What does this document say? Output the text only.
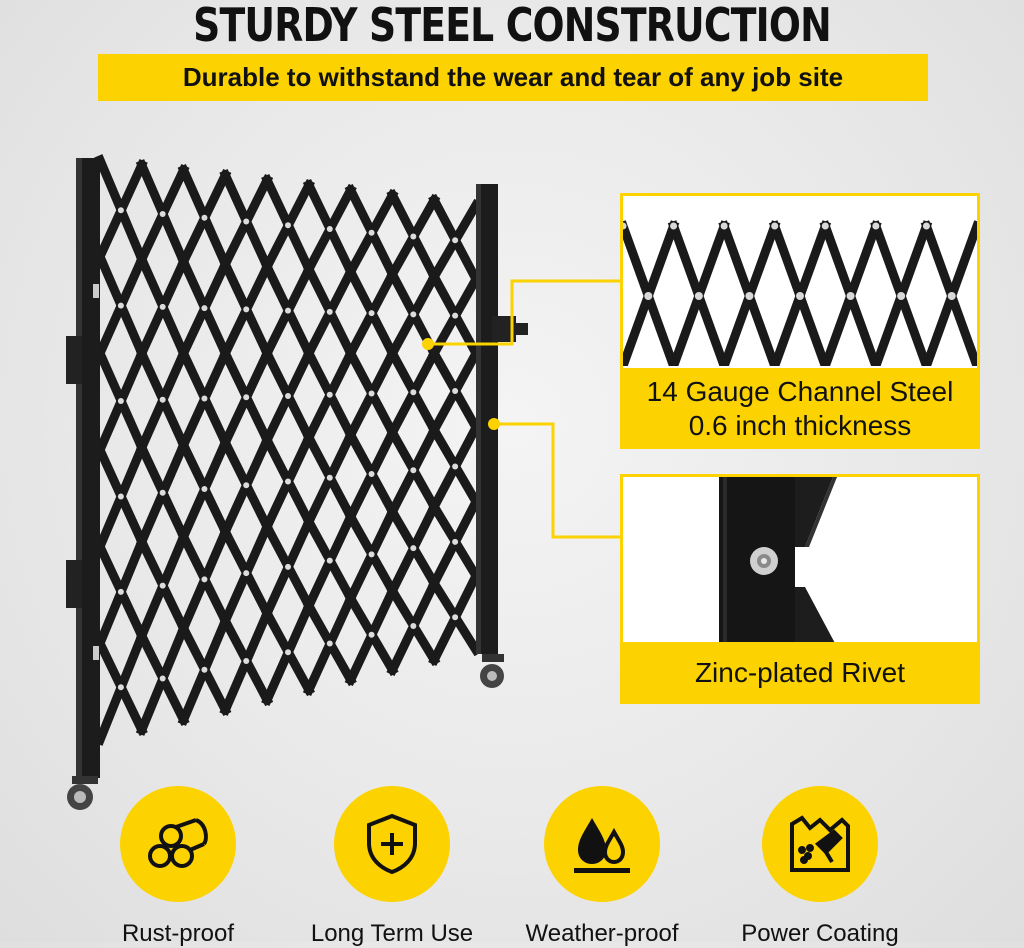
STURDY STEEL CONSTRUCTION
Durable to withstand the wear and tear of any job site
14 Gauge Channel Steel
0.6 inch thickness
Zinc-plated Rivet
Rust-proof	Long Term Use	Weather-proof	Power Coating
